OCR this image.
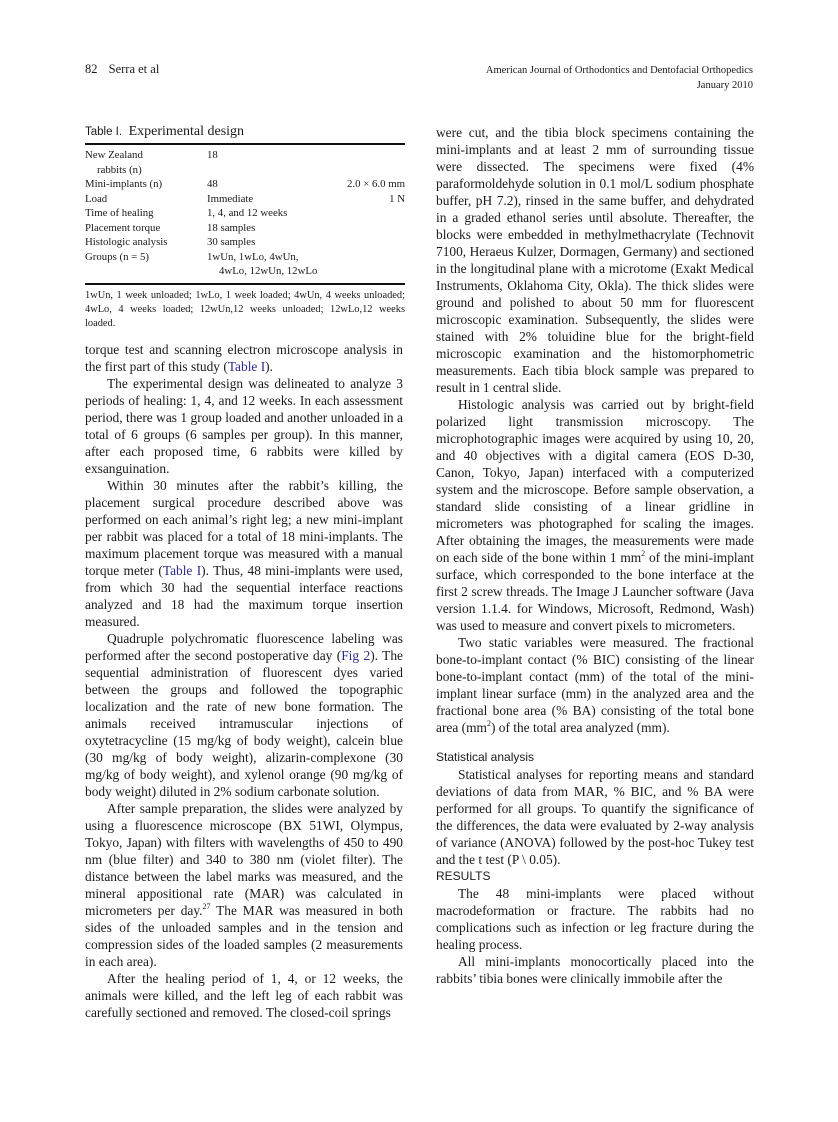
82 Serra et al	American Journal of Orthodontics and Dentofacial Orthopedics
January 2010
Table I. Experimental design
New Zealand	18	
rabbits (n)		
Mini-implants (n)	48	2.0 × 6.0 mm
Load	Immediate	1 N
Time of healing	1, 4, and 12 weeks	
Placement torque	18 samples	
Histologic analysis	30 samples	
Groups (n = 5)	1wUn, 1wLo, 4wUn,	
	4wLo, 12wUn, 12wLo	
1wUn, 1 week unloaded; 1wLo, 1 week loaded; 4wUn, 4 weeks unloaded; 4wLo, 4 weeks loaded; 12wUn,12 weeks unloaded; 12wLo,12 weeks loaded.

torque test and scanning electron microscope analysis in the first part of this study (Table I).

The experimental design was delineated to analyze 3 periods of healing: 1, 4, and 12 weeks. In each assessment period, there was 1 group loaded and another unloaded in a total of 6 groups (6 samples per group). In this manner, after each proposed time, 6 rabbits were killed by exsanguination.

Within 30 minutes after the rabbit’s killing, the placement surgical procedure described above was performed on each animal’s right leg; a new mini-implant per rabbit was placed for a total of 18 mini-implants. The maximum placement torque was measured with a manual torque meter (Table I). Thus, 48 mini-implants were used, from which 30 had the sequential interface reactions analyzed and 18 had the maximum torque insertion measured.

Quadruple polychromatic fluorescence labeling was performed after the second postoperative day (Fig 2). The sequential administration of fluorescent dyes varied between the groups and followed the topographic localization and the rate of new bone formation. The animals received intramuscular injections of oxytetracycline (15 mg/kg of body weight), calcein blue (30 mg/kg of body weight), alizarin-complexone (30 mg/kg of body weight), and xylenol orange (90 mg/kg of body weight) diluted in 2% sodium carbonate solution.

After sample preparation, the slides were analyzed by using a fluorescence microscope (BX 51WI, Olympus, Tokyo, Japan) with filters with wavelengths of 450 to 490 nm (blue filter) and 340 to 380 nm (violet filter). The distance between the label marks was measured, and the mineral appositional rate (MAR) was calculated in micrometers per day.$^{27}$ The MAR was measured in both sides of the unloaded samples and in the tension and compression sides of the loaded samples (2 measurements in each area).

After the healing period of 1, 4, or 12 weeks, the animals were killed, and the left leg of each rabbit was carefully sectioned and removed. The closed-coil springs

were cut, and the tibia block specimens containing the mini-implants and at least 2 mm of surrounding tissue were dissected. The specimens were fixed (4% paraformoldehyde solution in 0.1 mol/L sodium phosphate buffer, pH 7.2), rinsed in the same buffer, and dehydrated in a graded ethanol series until absolute. Thereafter, the blocks were embedded in methylmethacrylate (Technovit 7100, Heraeus Kulzer, Dormagen, Germany) and sectioned in the longitudinal plane with a microtome (Exakt Medical Instruments, Oklahoma City, Okla). The thick slides were ground and polished to about 50 mm for fluorescent microscopic examination. Subsequently, the slides were stained with 2% toluidine blue for the bright-field microscopic examination and the histomorphometric measurements. Each tibia block sample was prepared to result in 1 central slide.

Histologic analysis was carried out by bright-field polarized light transmission microscopy. The microphotographic images were acquired by using 10, 20, and 40 objectives with a digital camera (EOS D-30, Canon, Tokyo, Japan) interfaced with a computerized system and the microscope. Before sample observation, a standard slide consisting of a linear gridline in micrometers was photographed for scaling the images. After obtaining the images, the measurements were made on each side of the bone within 1 $mm^2$ of the mini-implant surface, which corresponded to the bone interface at the first 2 screw threads. The Image J Launcher software (Java version 1.1.4. for Windows, Microsoft, Redmond, Wash) was used to measure and convert pixels to micrometers.

Two static variables were measured. The fractional bone-to-implant contact (% BIC) consisting of the linear bone-to-implant contact (mm) of the total of the mini-implant linear surface (mm) in the analyzed area and the fractional bone area (% BA) consisting of the total bone area $(mm^2)$ of the total area analyzed (mm).

Statistical analysis

Statistical analyses for reporting means and standard deviations of data from MAR, % BIC, and % BA were performed for all groups. To quantify the significance of the differences, the data were evaluated by 2-way analysis of variance (ANOVA) followed by the post-hoc Tukey test and the t test (P \ 0.05).

RESULTS

The 48 mini-implants were placed without macrodeformation or fracture. The rabbits had no complications such as infection or leg fracture during the healing process.

All mini-implants monocortically placed into the rabbits’ tibia bones were clinically immobile after the
